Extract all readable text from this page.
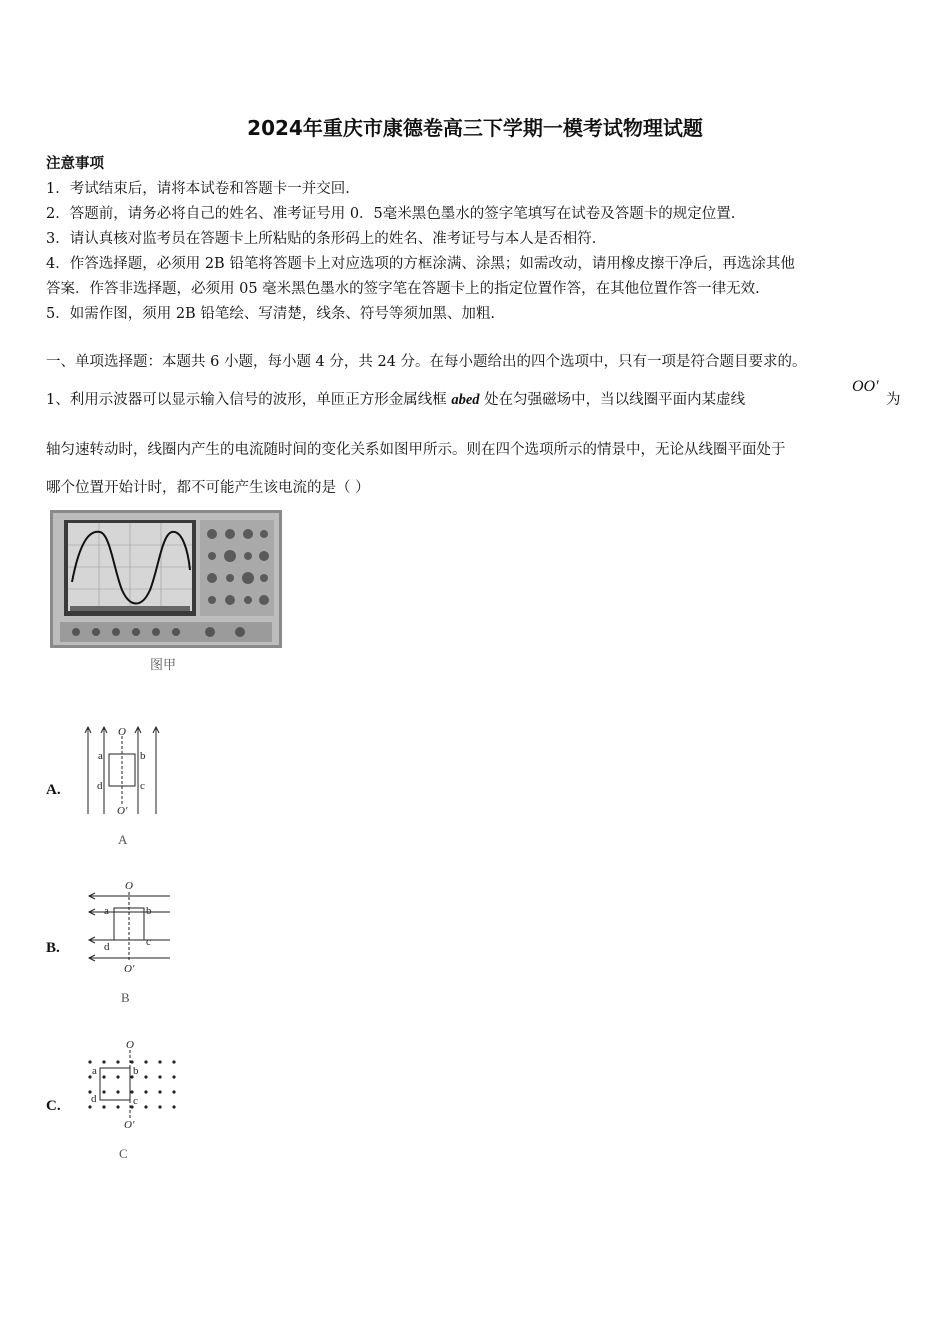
2024年重庆市康德卷高三下学期一模考试物理试题
注意事项
1．考试结束后，请将本试卷和答题卡一并交回.
2．答题前，请务必将自己的姓名、准考证号用 0．5毫米黑色墨水的签字笔填写在试卷及答题卡的规定位置.
3．请认真核对监考员在答题卡上所粘贴的条形码上的姓名、准考证号与本人是否相符.
4．作答选择题，必须用 2B 铅笔将答题卡上对应选项的方框涂满、涂黑；如需改动，请用橡皮擦干净后，再选涂其他
答案．作答非选择题，必须用 05 毫米黑色墨水的签字笔在答题卡上的指定位置作答，在其他位置作答一律无效.
5．如需作图，须用 2B 铅笔绘、写清楚，线条、符号等须加黑、加粗.
一、单项选择题：本题共 6 小题，每小题 4 分，共 24 分。在每小题给出的四个选项中，只有一项是符合题目要求的。
1、利用示波器可以显示输入信号的波形，单匝正方形金属线框 abed 处在匀强磁场中，当以线圈平面内某虚线
OO′
为
轴匀速转动时，线圈内产生的电流随时间的变化关系如图甲所示。则在四个选项所示的情景中，无论从线圈平面处于
哪个位置开始计时，都不可能产生该电流的是（ ）
图甲
A.
O
a	b
c
d
O′
A
B.
O
a	b
c
d
O′
B
C.
O
a	b
c
d
O′
C
